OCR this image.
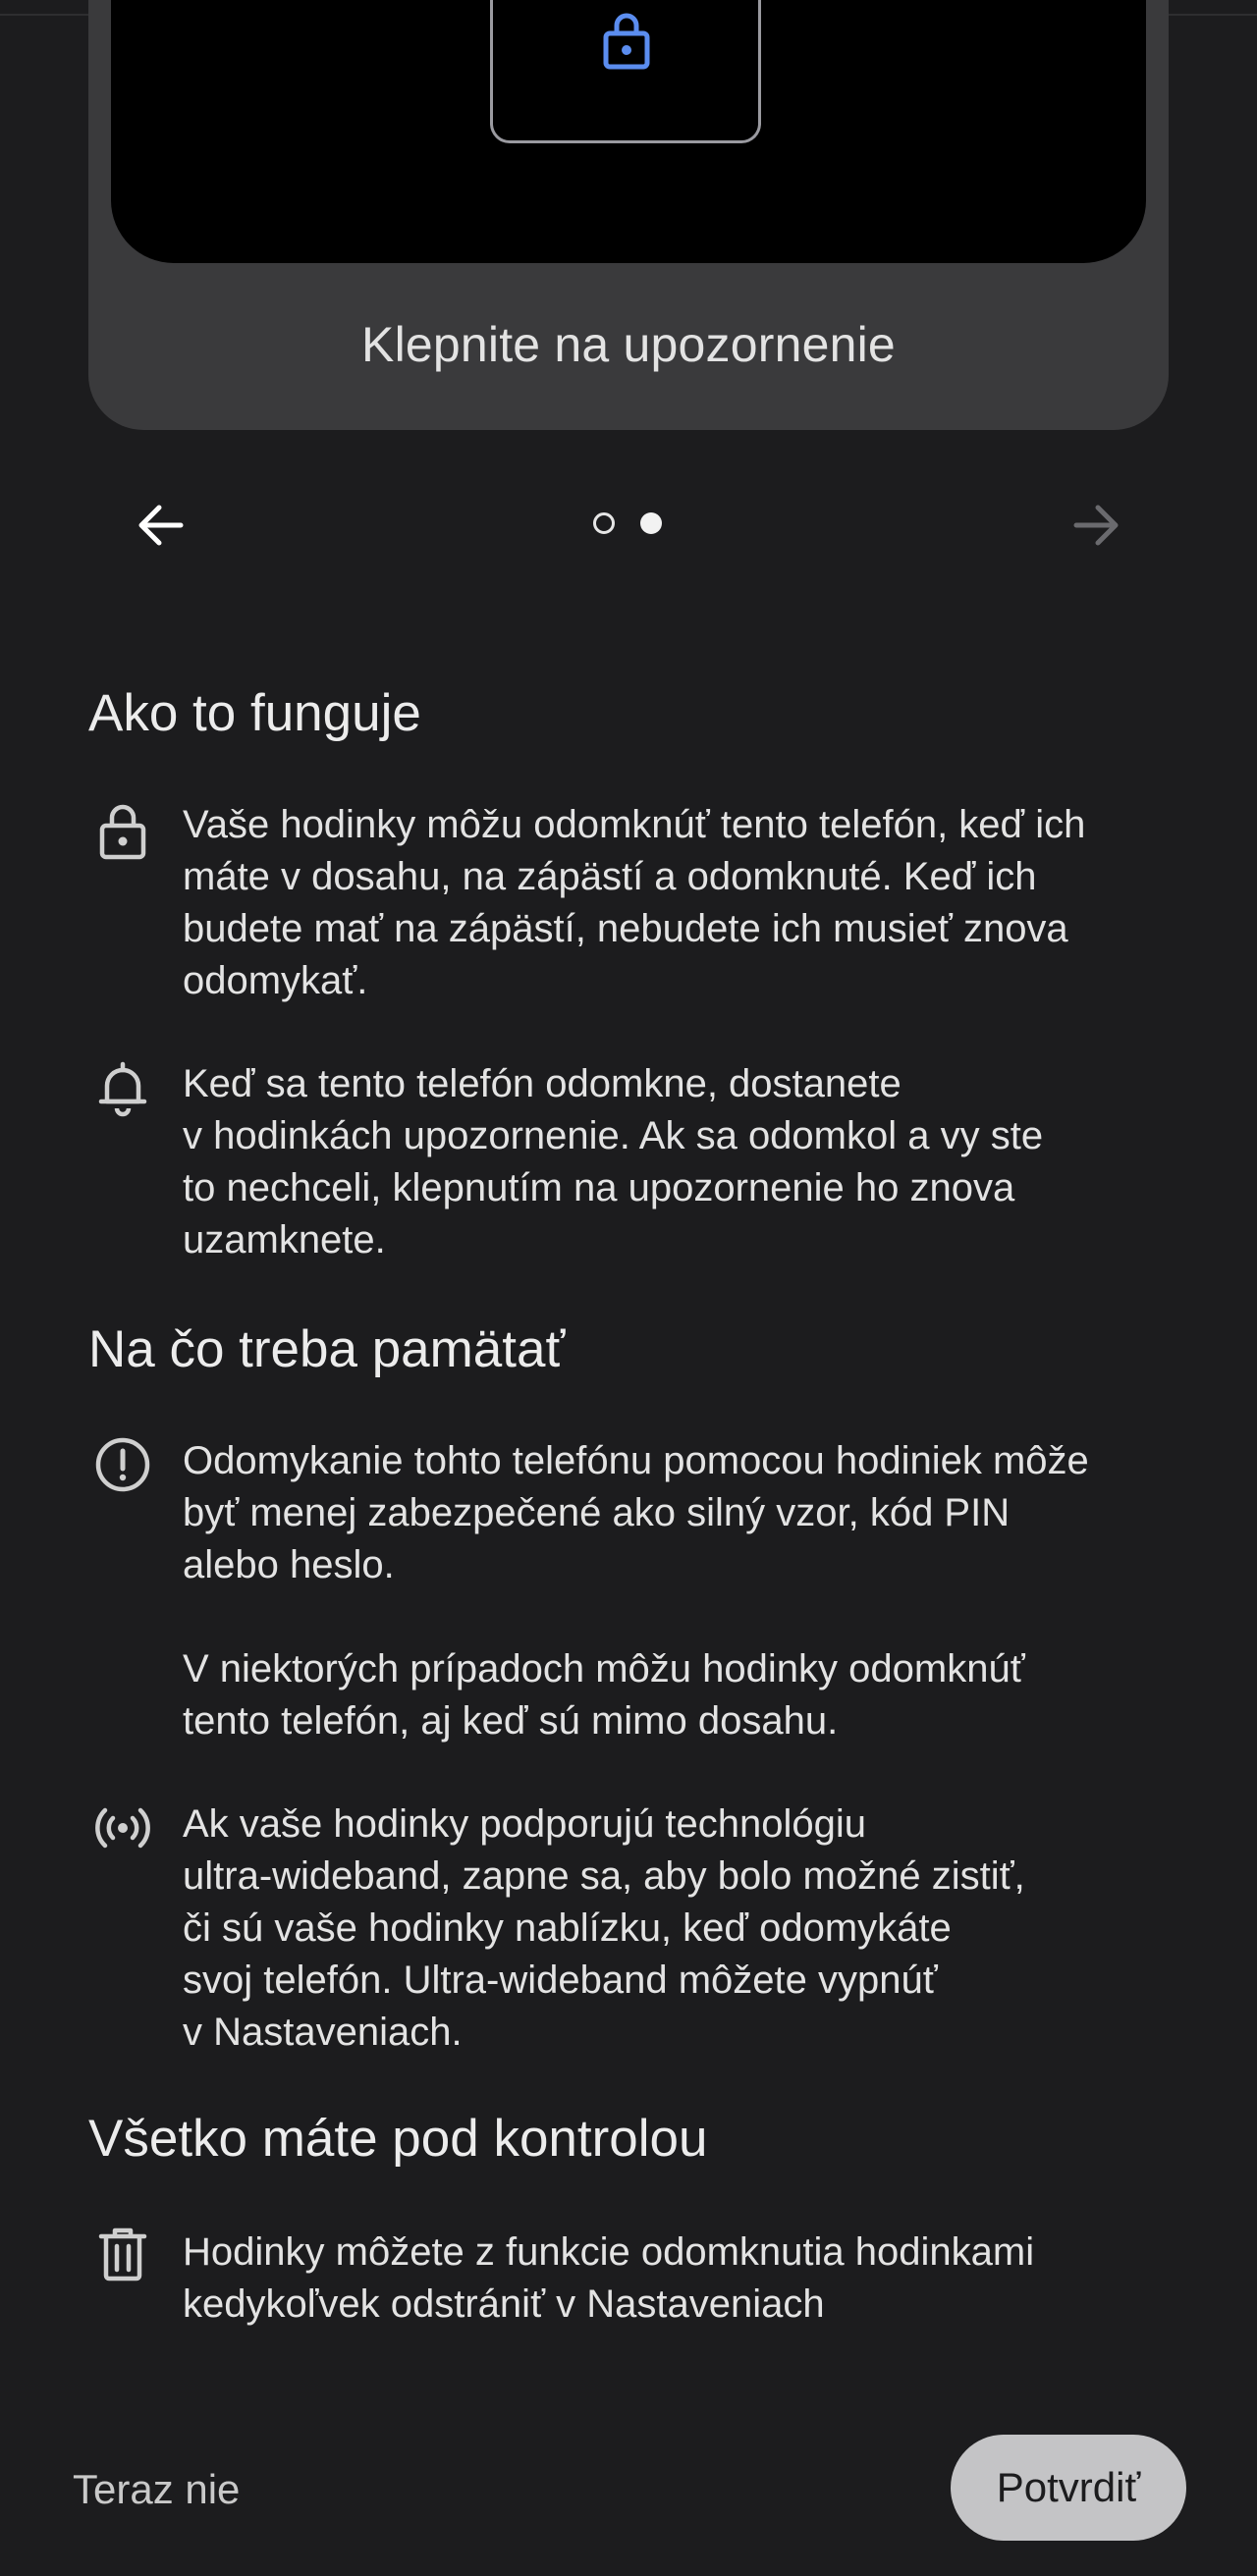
Klepnite na upozornenie
Ako to funguje

Vaše hodinky môžu odomknúť tento telefón, keď ich
máte v dosahu, na zápästí a odomknuté. Keď ich
budete mať na zápästí, nebudete ich musieť znova
odomykať.

Keď sa tento telefón odomkne, dostanete
v hodinkách upozornenie. Ak sa odomkol a vy ste
to nechceli, klepnutím na upozornenie ho znova
uzamknete.

Na čo treba pamätať

Odomykanie tohto telefónu pomocou hodiniek môže
byť menej zabezpečené ako silný vzor, kód PIN
alebo heslo.

V niektorých prípadoch môžu hodinky odomknúť
tento telefón, aj keď sú mimo dosahu.

Ak vaše hodinky podporujú technológiu
ultra-wideband, zapne sa, aby bolo možné zistiť,
či sú vaše hodinky nablízku, keď odomykáte
svoj telefón. Ultra-wideband môžete vypnúť
v Nastaveniach.

Všetko máte pod kontrolou

Hodinky môžete z funkcie odomknutia hodinkami
kedykoľvek odstrániť v Nastaveniach

Teraz nie	Potvrdiť
